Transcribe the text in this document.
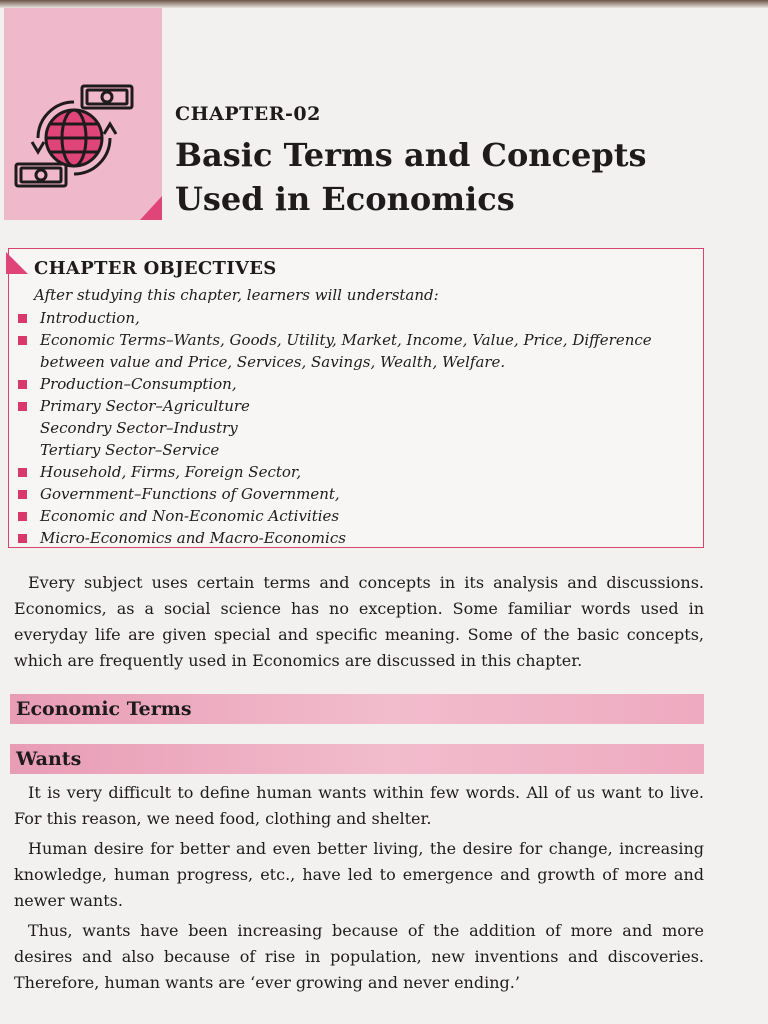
CHAPTER-02
Basic Terms and Concepts
Used in Economics
CHAPTER OBJECTIVES
After studying this chapter, learners will understand:
Introduction,
Economic Terms–Wants, Goods, Utility, Market, Income, Value, Price, Difference between value and Price, Services, Savings, Wealth, Welfare.
Production–Consumption,
Primary Sector–Agriculture
Secondry Sector–Industry
Tertiary Sector–Service
Household, Firms, Foreign Sector,
Government–Functions of Government,
Economic and Non-Economic Activities
Micro-Economics and Macro-Economics
Every subject uses certain terms and concepts in its analysis and discussions. Economics, as a social science has no exception. Some familiar words used in everyday life are given special and specific meaning. Some of the basic concepts, which are frequently used in Economics are discussed in this chapter.
Economic Terms
Wants
It is very difficult to define human wants within few words. All of us want to live. For this reason, we need food, clothing and shelter.
Human desire for better and even better living, the desire for change, increasing knowledge, human progress, etc., have led to emergence and growth of more and newer wants.
Thus, wants have been increasing because of the addition of more and more desires and also because of rise in population, new inventions and discoveries. Therefore, human wants are ‘ever growing and never ending.’
